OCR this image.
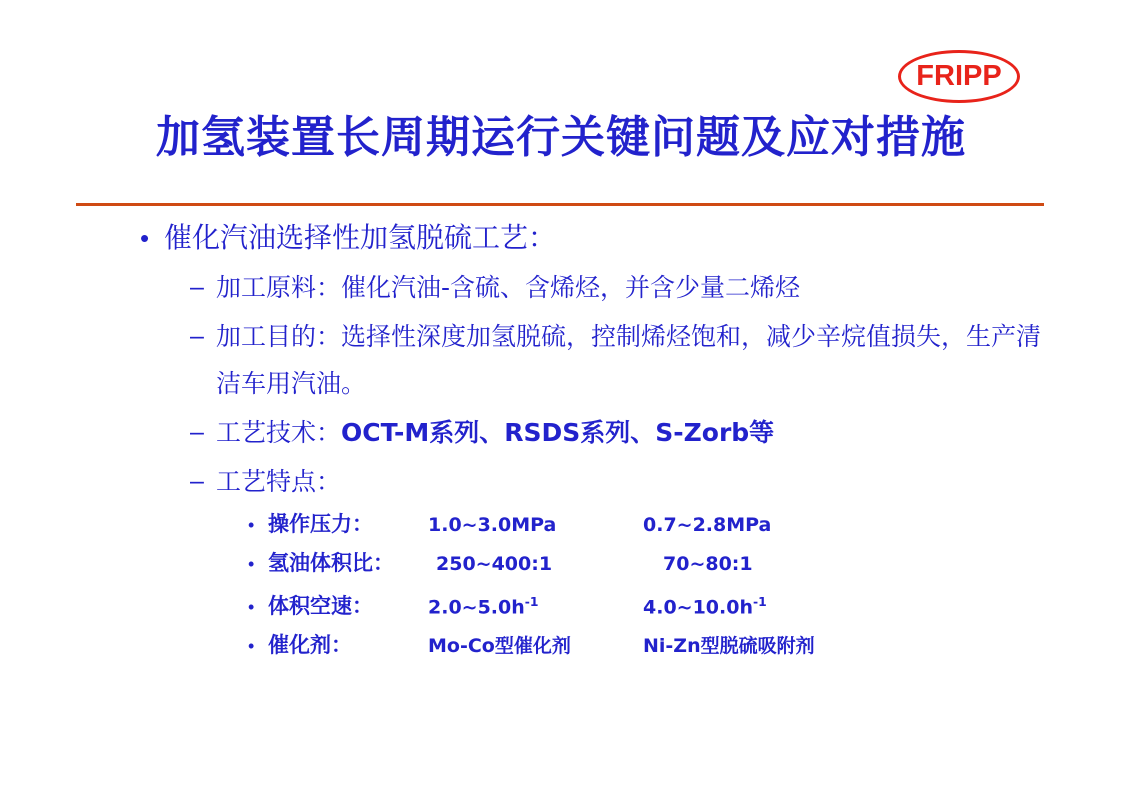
FRIPP
加氢装置长周期运行关键问题及应对措施
• 催化汽油选择性加氢脱硫工艺：
– 加工原料：催化汽油-含硫、含烯烃，并含少量二烯烃
– 加工目的：选择性深度加氢脱硫，控制烯烃饱和，减少辛烷值损失，生产清洁车用汽油。
– 工艺技术： OCT-M系列、RSDS系列、S-Zorb等
– 工艺特点：
• 操作压力：	1.0~3.0MPa	0.7~2.8MPa
• 氢油体积比：	250~400:1	70~80:1
• 体积空速：	$2.0\sim 5.0h^{-1}$	$4.0\sim 10.0h^{-1}$
• 催化剂：	Mo-Co型催化剂	Ni-Zn型脱硫吸附剂
